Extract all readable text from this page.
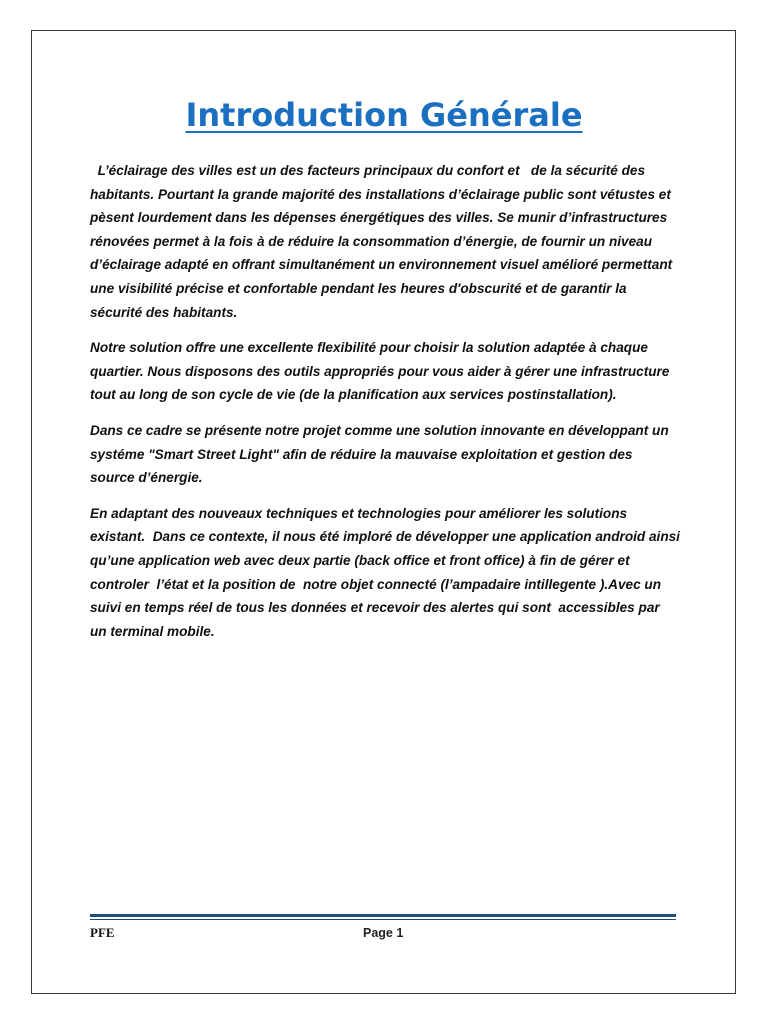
Introduction Générale

L’éclairage des villes est un des facteurs principaux du confort et   de la sécurité des habitants. Pourtant la grande majorité des installations d’éclairage public sont vétustes et pèsent lourdement dans les dépenses énergétiques des villes. Se munir d’infrastructures rénovées permet à la fois à de réduire la consommation d’énergie, de fournir un niveau d’éclairage adapté en offrant simultanément un environnement visuel amélioré permettant une visibilité précise et confortable pendant les heures d'obscurité et de garantir la sécurité des habitants.

Notre solution offre une excellente flexibilité pour choisir la solution adaptée à chaque quartier. Nous disposons des outils appropriés pour vous aider à gérer une infrastructure tout au long de son cycle de vie (de la planification aux services postinstallation).

Dans ce cadre se présente notre projet comme une solution innovante en développant un systéme "Smart Street Light" afin de réduire la mauvaise exploitation et gestion des source d’énergie.

En adaptant des nouveaux techniques et technologies pour améliorer les solutions existant.  Dans ce contexte, il nous été imploré de développer une application android ainsi qu’une application web avec deux partie (back office et front office) à fin de gérer et controler  l’état et la position de  notre objet connecté (l’ampadaire intillegente ).Avec un suivi en temps réel de tous les données et recevoir des alertes qui sont  accessibles par un terminal mobile.

PFE	Page 1
